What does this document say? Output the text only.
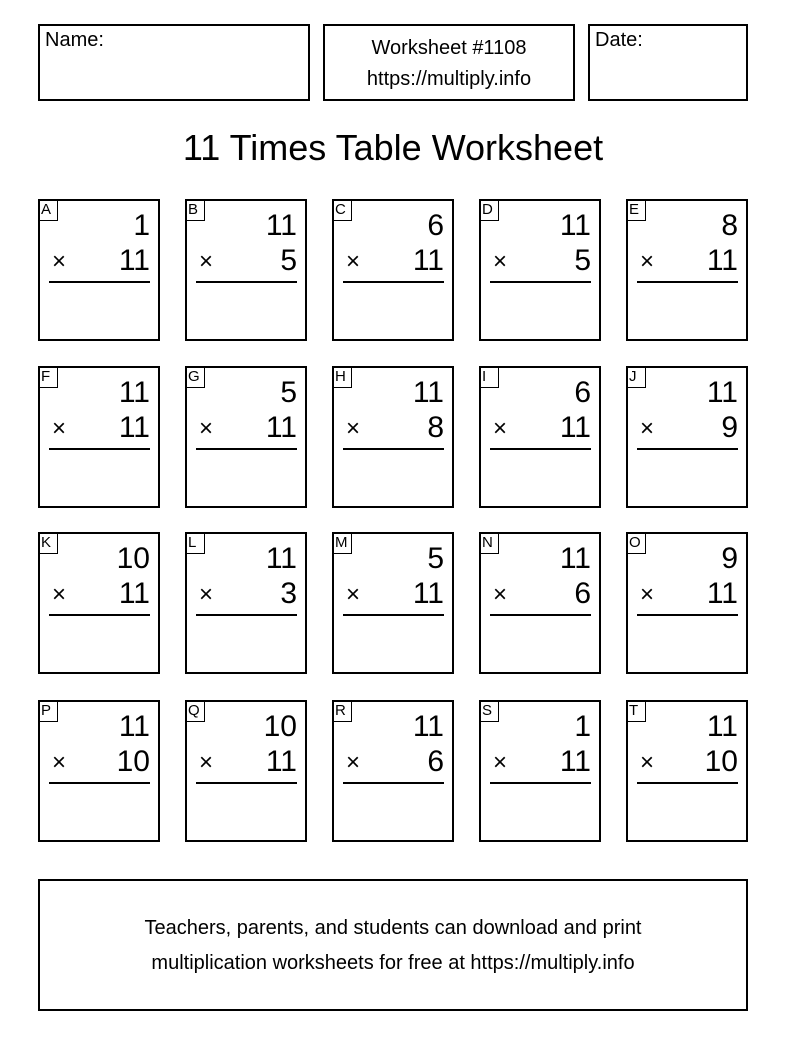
Name:	Worksheet #1108
https://multiply.info
Date:
11 Times Table Worksheet
A	1
× 11
B 11
× 5
C	6
× 11
D 11
× 5
E	8
× 11
F 11
× 11
G	5
× 11
H 11
× 8
I	6
× 11
J	11
× 9
K 10
× 11
L 11
× 3
M	5
× 11
N 11
× 6
O	9
× 11
P 11
× 10
Q 10
× 11
R 11
× 6
S	1
× 11
T 11
× 10
Teachers, parents, and students can download and print
multiplication worksheets for free at https://multiply.info
